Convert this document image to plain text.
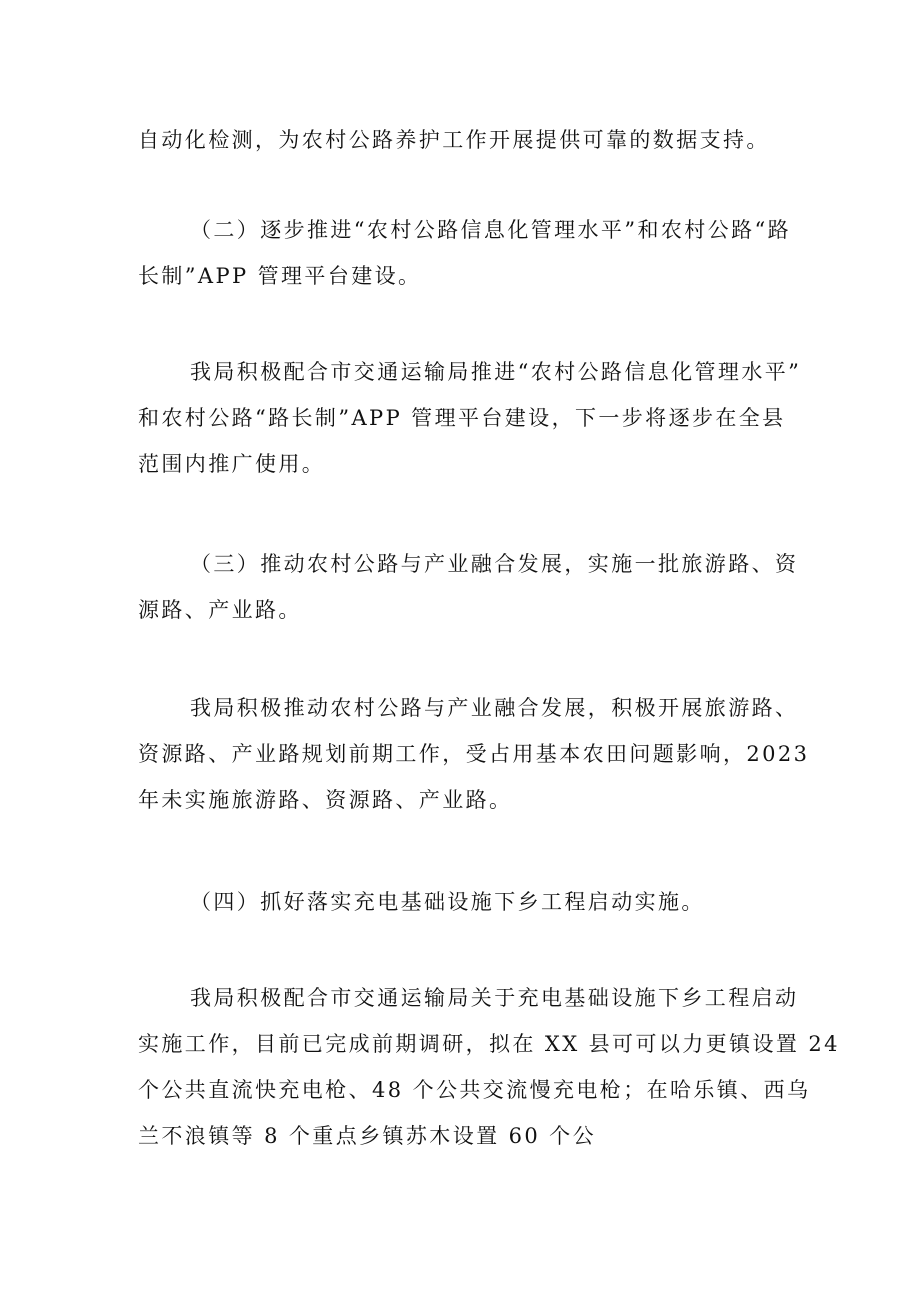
自动化检测，为农村公路养护工作开展提供可靠的数据支持。
（二）逐步推进“农村公路信息化管理水平”和农村公路“路
长制”APP 管理平台建设。
我局积极配合市交通运输局推进“农村公路信息化管理水平”
和农村公路“路长制”APP 管理平台建设，下一步将逐步在全县
范围内推广使用。
（三）推动农村公路与产业融合发展，实施一批旅游路、资
源路、产业路。
我局积极推动农村公路与产业融合发展，积极开展旅游路、
资源路、产业路规划前期工作，受占用基本农田问题影响，2023
年未实施旅游路、资源路、产业路。
（四）抓好落实充电基础设施下乡工程启动实施。
我局积极配合市交通运输局关于充电基础设施下乡工程启动
实施工作，目前已完成前期调研，拟在 XX 县可可以力更镇设置 24
个公共直流快充电枪、48 个公共交流慢充电枪；在哈乐镇、西乌
兰不浪镇等 8 个重点乡镇苏木设置 60 个公
